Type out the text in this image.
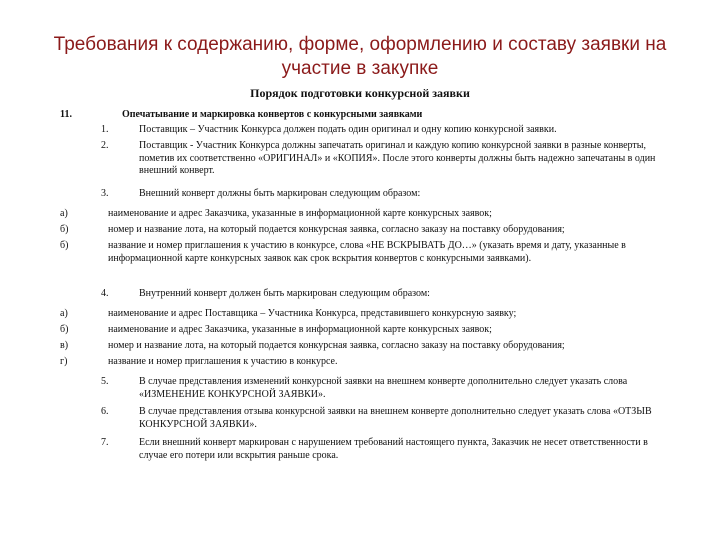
Требования к содержанию, форме, оформлению и составу заявки на участие в закупке
Порядок подготовки конкурсной заявки
11.	Опечатывание и маркировка конвертов с конкурсными заявками
1.	Поставщик – Участник Конкурса должен подать один оригинал и одну копию конкурсной заявки.
2.	Поставщик - Участник Конкурса должны запечатать оригинал и каждую копию конкурсной заявки в разные конверты, пометив их соответственно «ОРИГИНАЛ» и «КОПИЯ». После этого конверты должны быть надежно запечатаны в один внешний конверт.
3.	Внешний конверт должны быть маркирован следующим образом:
а)	наименование и адрес Заказчика, указанные в информационной карте конкурсных заявок;
б)	номер и название лота, на который подается конкурсная заявка, согласно заказу на поставку оборудования;
б)	название и номер приглашения к участию в конкурсе, слова «НЕ ВСКРЫВАТЬ ДО…» (указать время и дату, указанные в информационной карте конкурсных заявок как срок вскрытия конвертов с конкурсными заявками).
4.	Внутренний конверт должен быть маркирован следующим образом:
а)	наименование и адрес Поставщика – Участника Конкурса, представившего конкурсную заявку;
б)	наименование и адрес Заказчика, указанные в информационной карте конкурсных заявок;
в)	номер и название лота, на который подается конкурсная заявка, согласно заказу на поставку оборудования;
г)	название и номер приглашения к участию в конкурсе.
5.	В случае представления изменений конкурсной заявки на внешнем конверте дополнительно следует указать слова «ИЗМЕНЕНИЕ КОНКУРСНОЙ ЗАЯВКИ».
6.	В случае представления отзыва конкурсной заявки на внешнем конверте дополнительно следует указать слова «ОТЗЫВ КОНКУРСНОЙ ЗАЯВКИ».
7.	Если внешний конверт маркирован с нарушением требований настоящего пункта, Заказчик не несет ответственности в случае его потери или вскрытия раньше срока.
